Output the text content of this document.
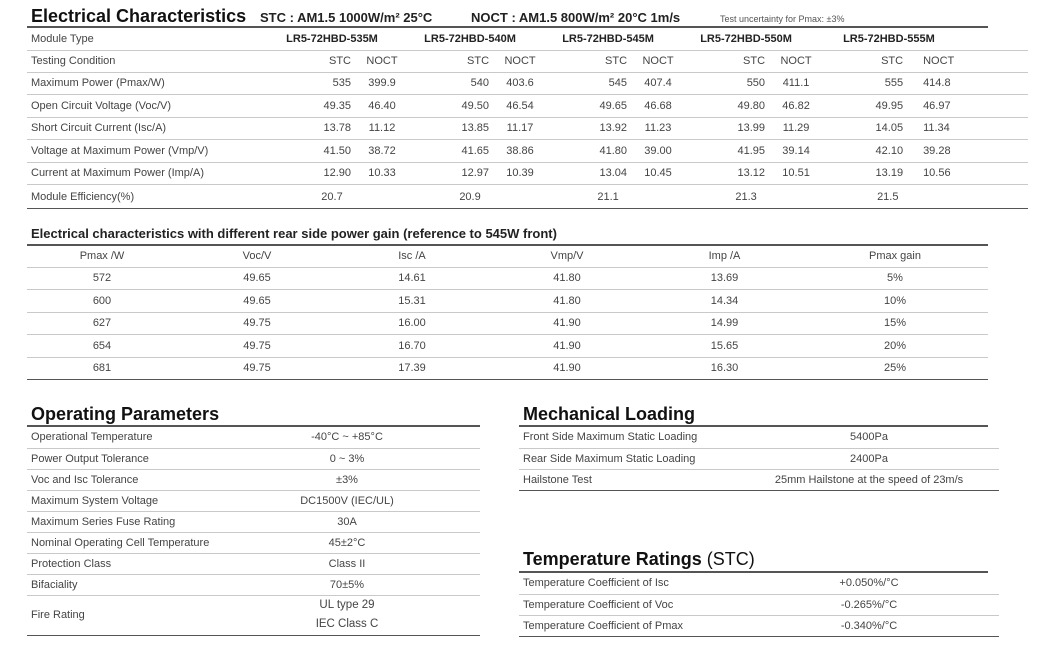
Electrical Characteristics STC : AM1.5 1000W/m² 25°C	NOCT : AM1.5 800W/m² 20°C 1m/s	Test uncertainty for Pmax: ±3%
Module Type	LR5-72HBD-535M		LR5-72HBD-540M		LR5-72HBD-545M		LR5-72HBD-550M		LR5-72HBD-555M	
Testing Condition	STC	NOCT	STC	NOCT	STC	NOCT	STC	NOCT	STC	NOCT
Maximum Power (Pmax/W)	535	399.9	540	403.6	545	407.4	550	411.1	555	414.8
Open Circuit Voltage (Voc/V)	49.35	46.40	49.50	46.54	49.65	46.68	49.80	46.82	49.95	46.97
Short Circuit Current (Isc/A)	13.78	11.12	13.85	11.17	13.92	11.23	13.99	11.29	14.05	11.34
Voltage at Maximum Power (Vmp/V)	41.50	38.72	41.65	38.86	41.80	39.00	41.95	39.14	42.10	39.28
Current at Maximum Power (Imp/A)	12.90	10.33	12.97	10.39	13.04	10.45	13.12	10.51	13.19	10.56
Module Efficiency(%)	20.7		20.9		21.1		21.3		21.5	
Electrical characteristics with different rear side power gain (reference to 545W front)
Pmax /W	Voc/V	Isc /A	Vmp/V	Imp /A	Pmax gain
572	49.65	14.61	41.80	13.69	5%
600	49.65	15.31	41.80	14.34	10%
627	49.75	16.00	41.90	14.99	15%
654	49.75	16.70	41.90	15.65	20%
681	49.75	17.39	41.90	16.30	25%
Operating Parameters
Operational Temperature	-40°C ~ +85°C	
Power Output Tolerance	0 ~ 3%	
Voc and Isc Tolerance	±3%	
Maximum System Voltage	DC1500V (IEC/UL)	
Maximum Series Fuse Rating	30A	
Nominal Operating Cell Temperature	45±2°C	
Protection Class	Class II	
Bifaciality	70±5%	
Fire Rating	UL type 29
IEC Class C	

Mechanical Loading
Front Side Maximum Static Loading	5400Pa
Rear Side Maximum Static Loading	2400Pa
Hailstone Test	25mm Hailstone at the speed of 23m/s
Temperature Ratings (STC)
Temperature Coefficient of Isc	+0.050%/°C
Temperature Coefficient of Voc	-0.265%/°C
Temperature Coefficient of Pmax	-0.340%/°C
